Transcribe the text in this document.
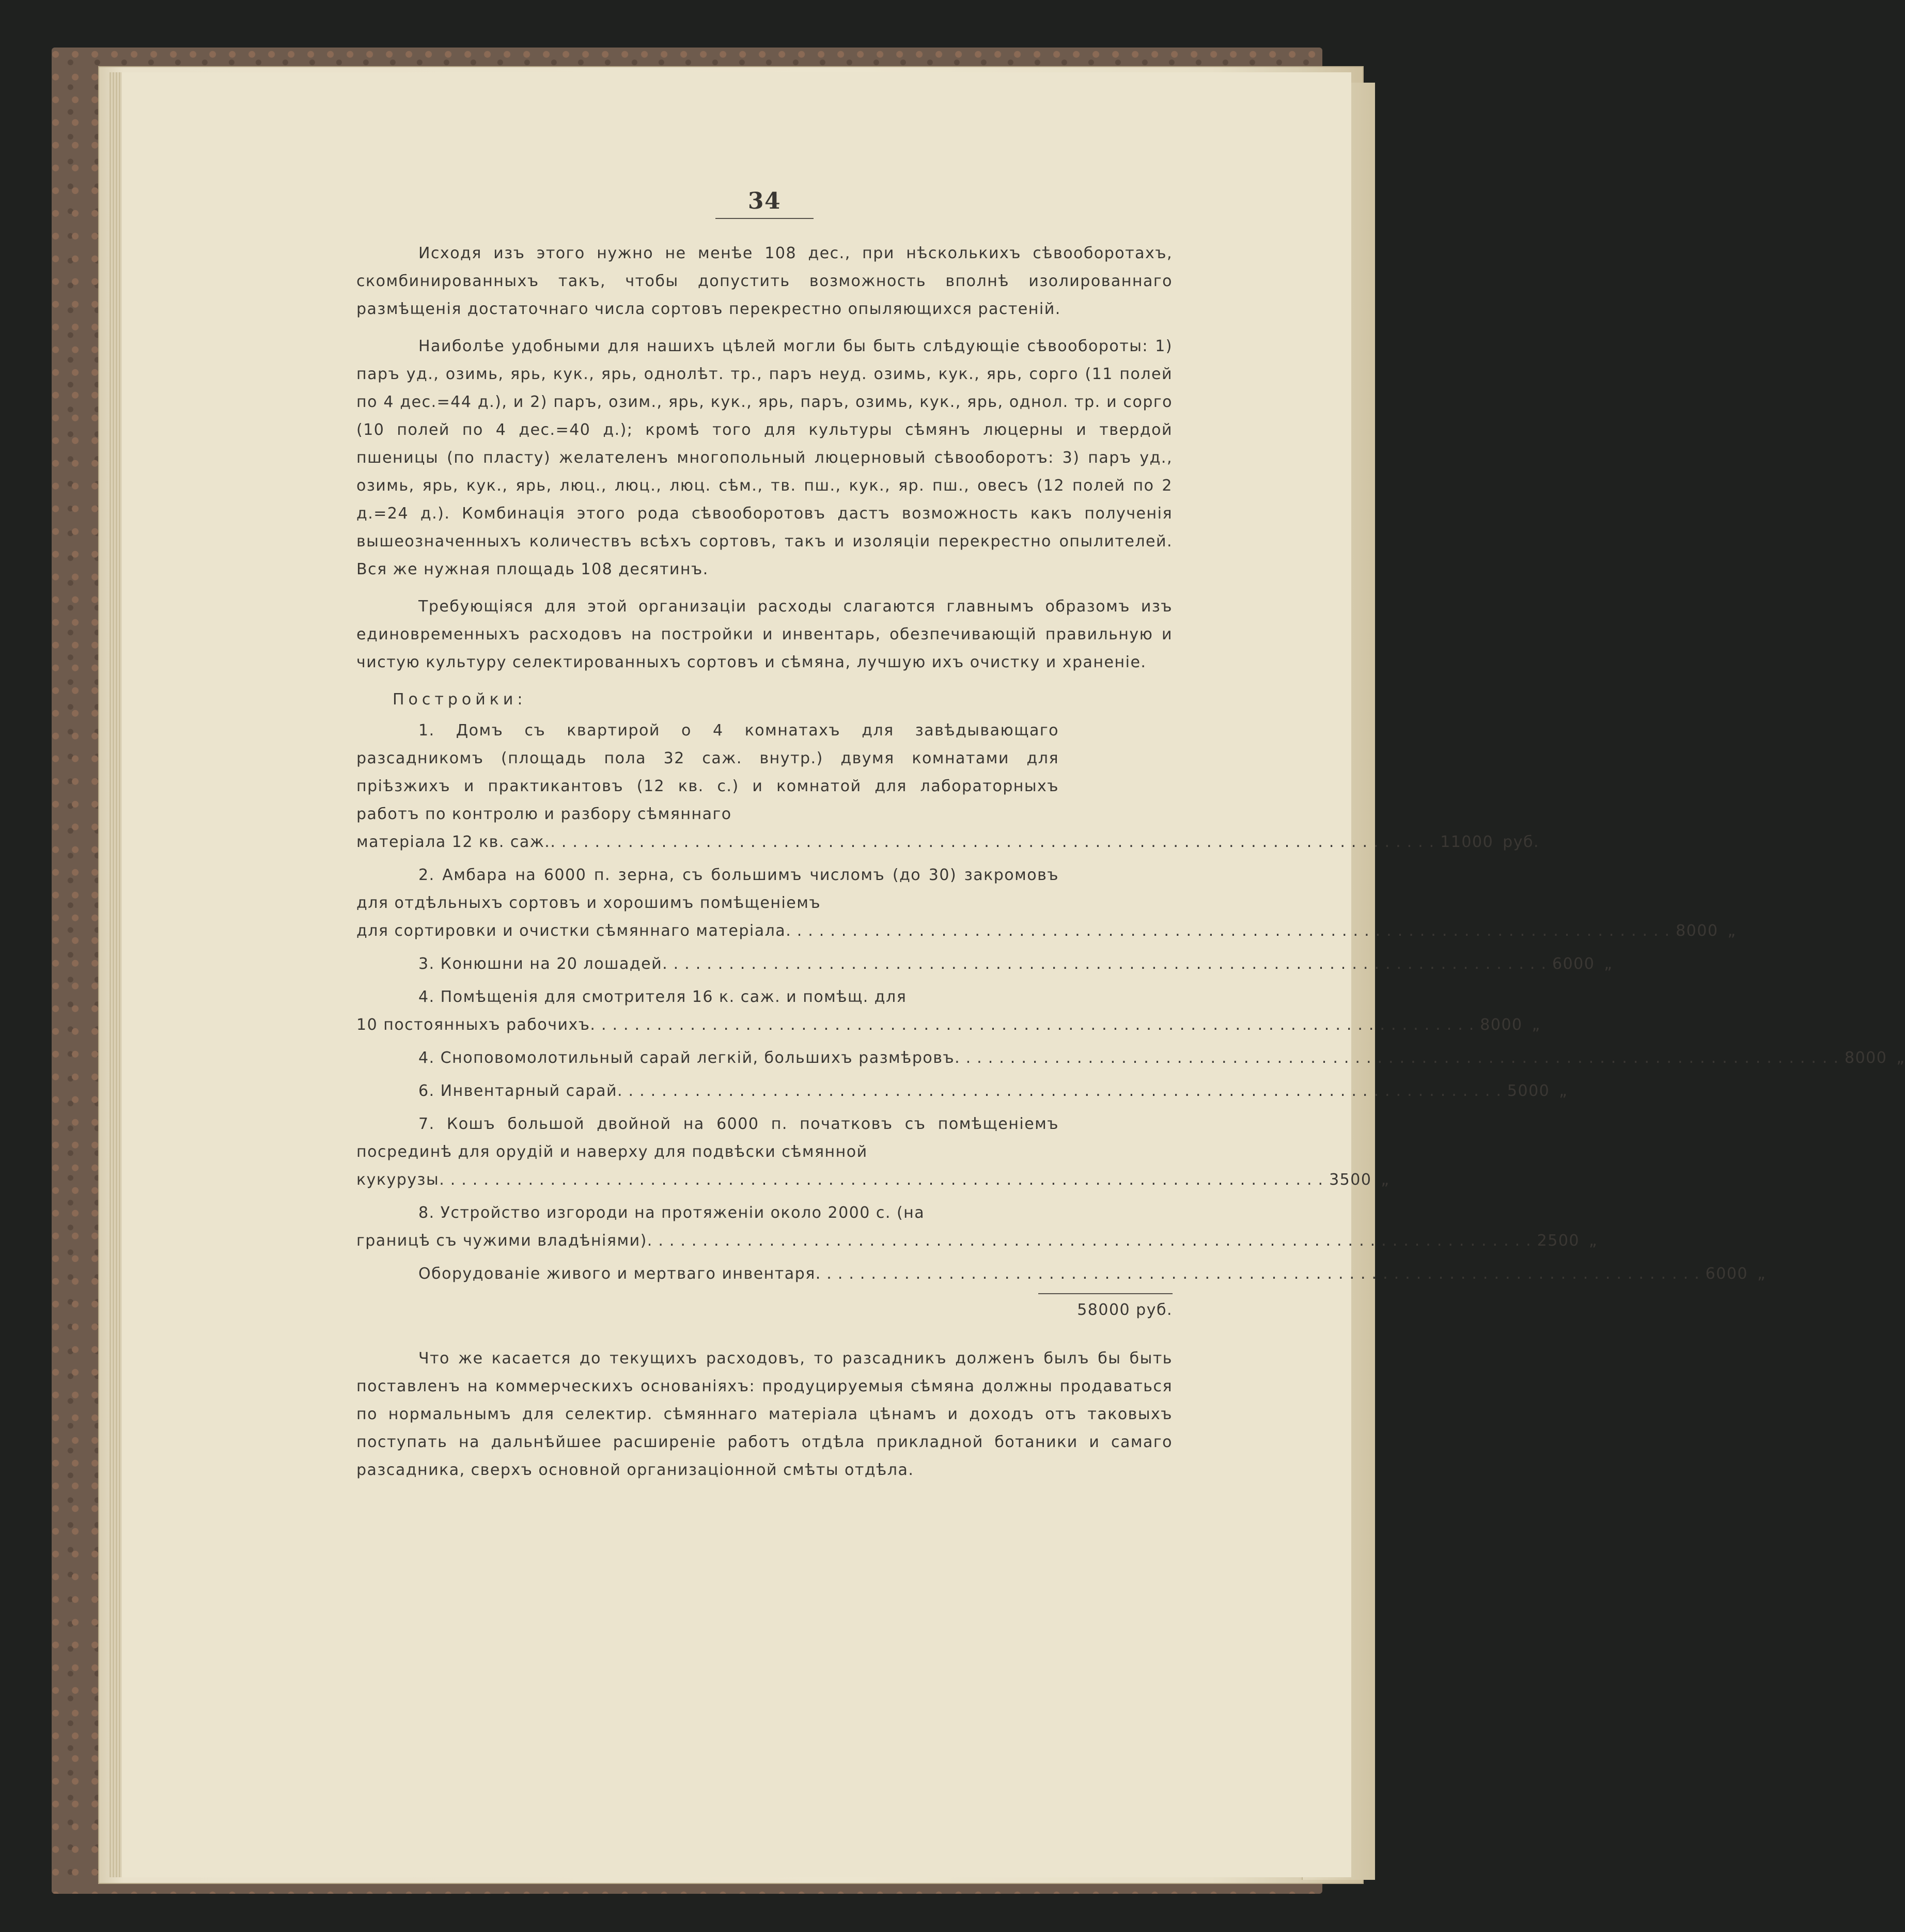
34

Исходя изъ этого нужно не менѣе 108 дес., при нѣсколькихъ сѣвооборотахъ, скомбинированныхъ такъ, чтобы допустить возможность вполнѣ изолированнаго размѣщенія достаточнаго числа сортовъ перекрестно опыляющихся растеній.

Наиболѣе удобными для нашихъ цѣлей могли бы быть слѣдующіе сѣвообороты: 1) паръ уд., озимь, ярь, кук., ярь, однолѣт. тр., паръ неуд. озимь, кук., ярь, сорго (11 полей по 4 дес.=44 д.), и 2) паръ, озим., ярь, кук., ярь, паръ, озимь, кук., ярь, однол. тр. и сорго (10 полей по 4 дес.=40 д.); кромѣ того для культуры сѣмянъ люцерны и твердой пшеницы (по пласту) желателенъ многопольный люцерновый сѣвооборотъ: 3) паръ уд., озимь, ярь, кук., ярь, люц., люц., люц. сѣм., тв. пш., кук., яр. пш., овесъ (12 полей по 2 д.=24 д.). Комбинація этого рода сѣвооборотовъ дастъ возможность какъ полученія вышеозначенныхъ количествъ всѣхъ сортовъ, такъ и изоляціи перекрестно опылителей. Вся же нужная площадь 108 десятинъ.

Требующіяся для этой организаціи расходы слагаются главнымъ образомъ изъ единовременныхъ расходовъ на постройки и инвентарь, обезпечивающій правильную и чистую культуру селектированныхъ сортовъ и сѣмяна, лучшую ихъ очистку и храненіе.

Постройки:
1. Домъ съ квартирой о 4 комнатахъ для завѣдывающаго разсадникомъ (площадь пола 32 саж. внутр.) двумя комнатами для пріѣзжихъ и практикантовъ (12 кв. с.) и комнатой для лабораторныхъ работъ по контролю и разбору сѣмяннаго
матеріала 12 кв. саж. ................................................................................ 11000 руб.
2. Амбара на 6000 п. зерна, съ большимъ числомъ (до 30) закромовъ для отдѣльныхъ сортовъ и хорошимъ помѣщеніемъ
для сортировки и очистки сѣмяннаго матеріала ................................................................................ 8000 „
3. Конюшни на 20 лошадей ................................................................................ 6000 „
4. Помѣщенія для смотрителя 16 к. саж. и помѣщ. для
10 постоянныхъ рабочихъ ................................................................................ 8000 „
4. Сноповомолотильный сарай легкій, большихъ размѣровъ ................................................................................ 8000 „
6. Инвентарный сарай ................................................................................ 5000 „
7. Кошъ большой двойной на 6000 п. початковъ съ помѣщеніемъ посрединѣ для орудій и наверху для подвѣски сѣмянной
кукурузы ................................................................................ 3500 „
8. Устройство изгороди на протяженіи около 2000 с. (на
границѣ съ чужими владѣніями) ................................................................................ 2500 „
Оборудованіе живого и мертваго инвентаря ................................................................................ 6000 „
58000 руб.

Что же касается до текущихъ расходовъ, то разсадникъ долженъ былъ бы быть поставленъ на коммерческихъ основаніяхъ: продуцируемыя сѣмяна должны продаваться по нормальнымъ для селектир. сѣмяннаго матеріала цѣнамъ и доходъ отъ таковыхъ поступать на дальнѣйшее расширеніе работъ отдѣла прикладной ботаники и самаго разсадника, сверхъ основной организаціонной смѣты отдѣла.
